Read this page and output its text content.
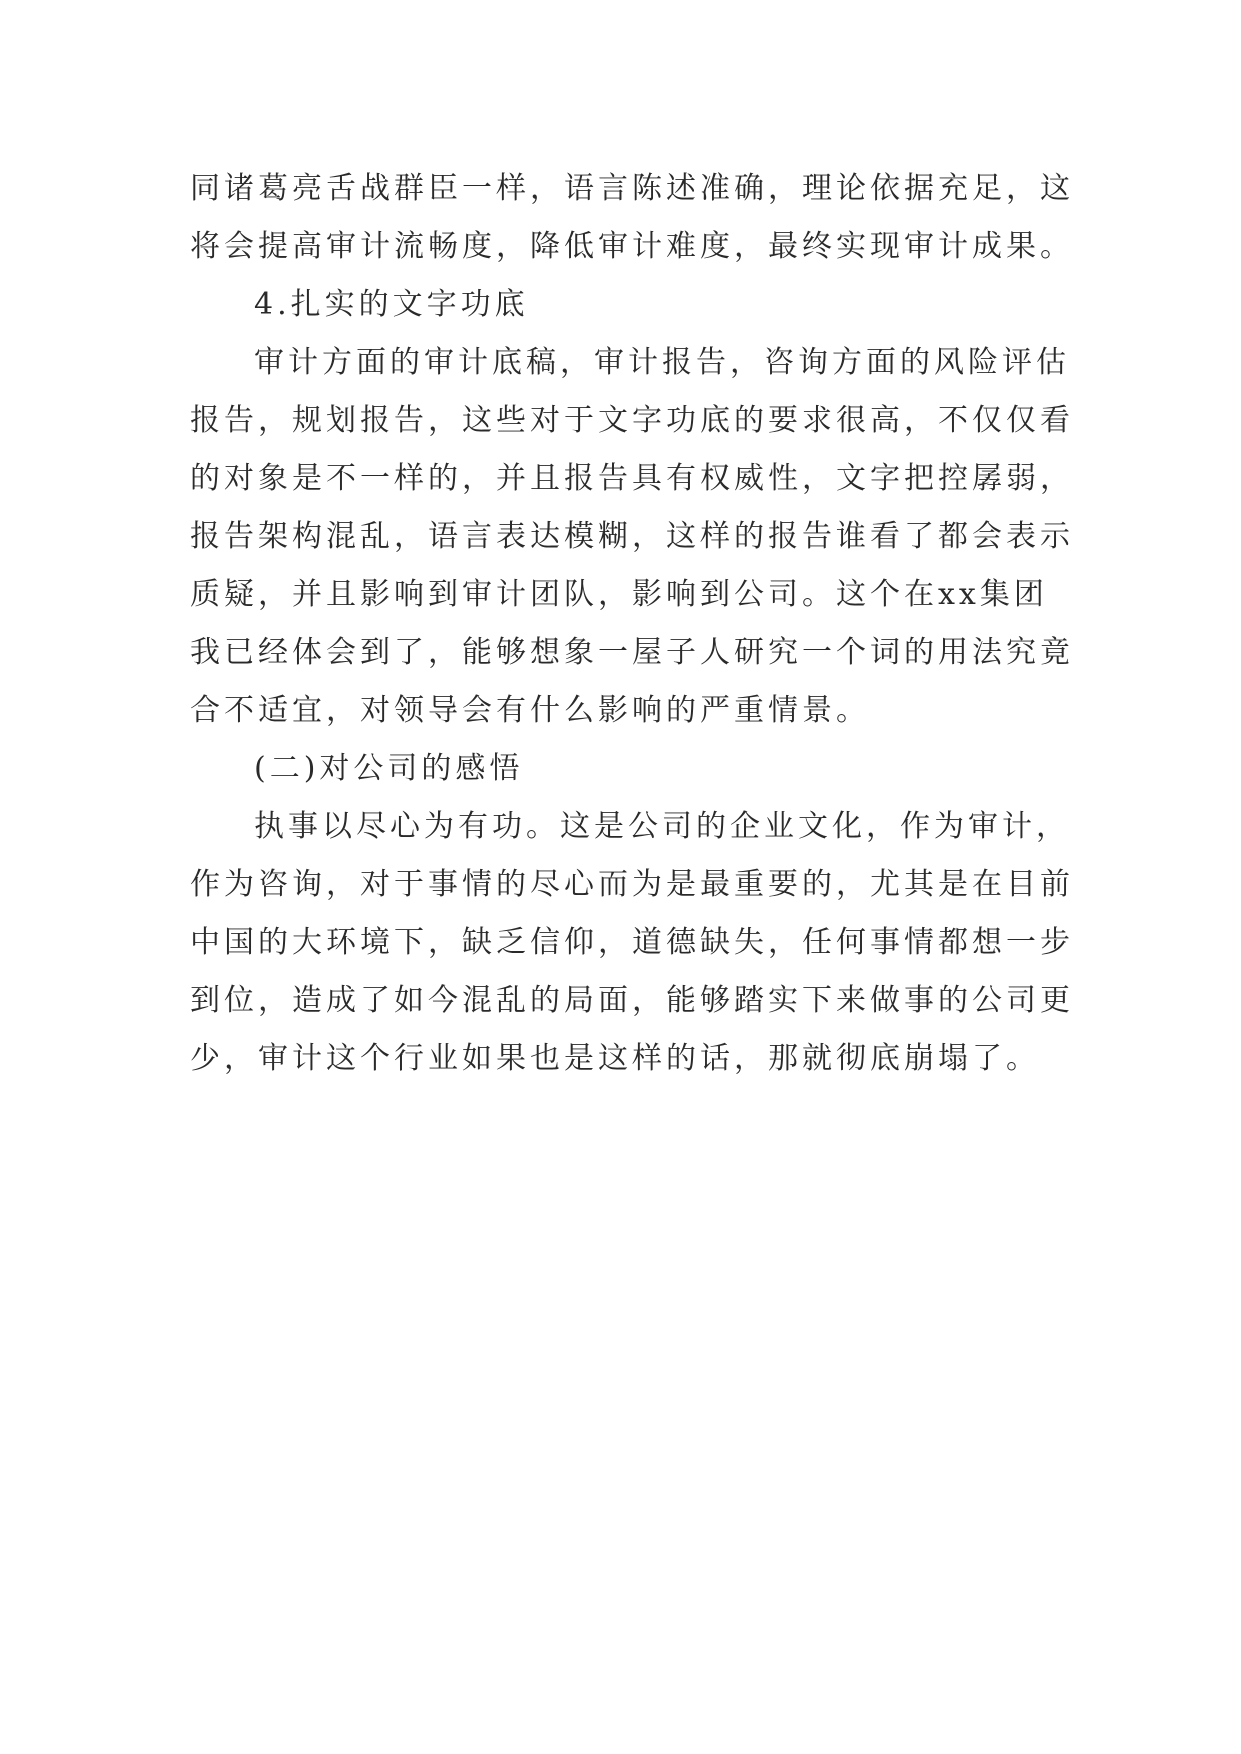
同诸葛亮舌战群臣一样，语言陈述准确，理论依据充足，这
将会提高审计流畅度，降低审计难度，最终实现审计成果。
4.扎实的文字功底
审计方面的审计底稿，审计报告，咨询方面的风险评估
报告，规划报告，这些对于文字功底的要求很高，不仅仅看
的对象是不一样的，并且报告具有权威性，文字把控孱弱，
报告架构混乱，语言表达模糊，这样的报告谁看了都会表示
质疑，并且影响到审计团队，影响到公司。这个在xx集团
我已经体会到了，能够想象一屋子人研究一个词的用法究竟
合不适宜，对领导会有什么影响的严重情景。
(二)对公司的感悟
执事以尽心为有功。这是公司的企业文化，作为审计，
作为咨询，对于事情的尽心而为是最重要的，尤其是在目前
中国的大环境下，缺乏信仰，道德缺失，任何事情都想一步
到位，造成了如今混乱的局面，能够踏实下来做事的公司更
少，审计这个行业如果也是这样的话，那就彻底崩塌了。
